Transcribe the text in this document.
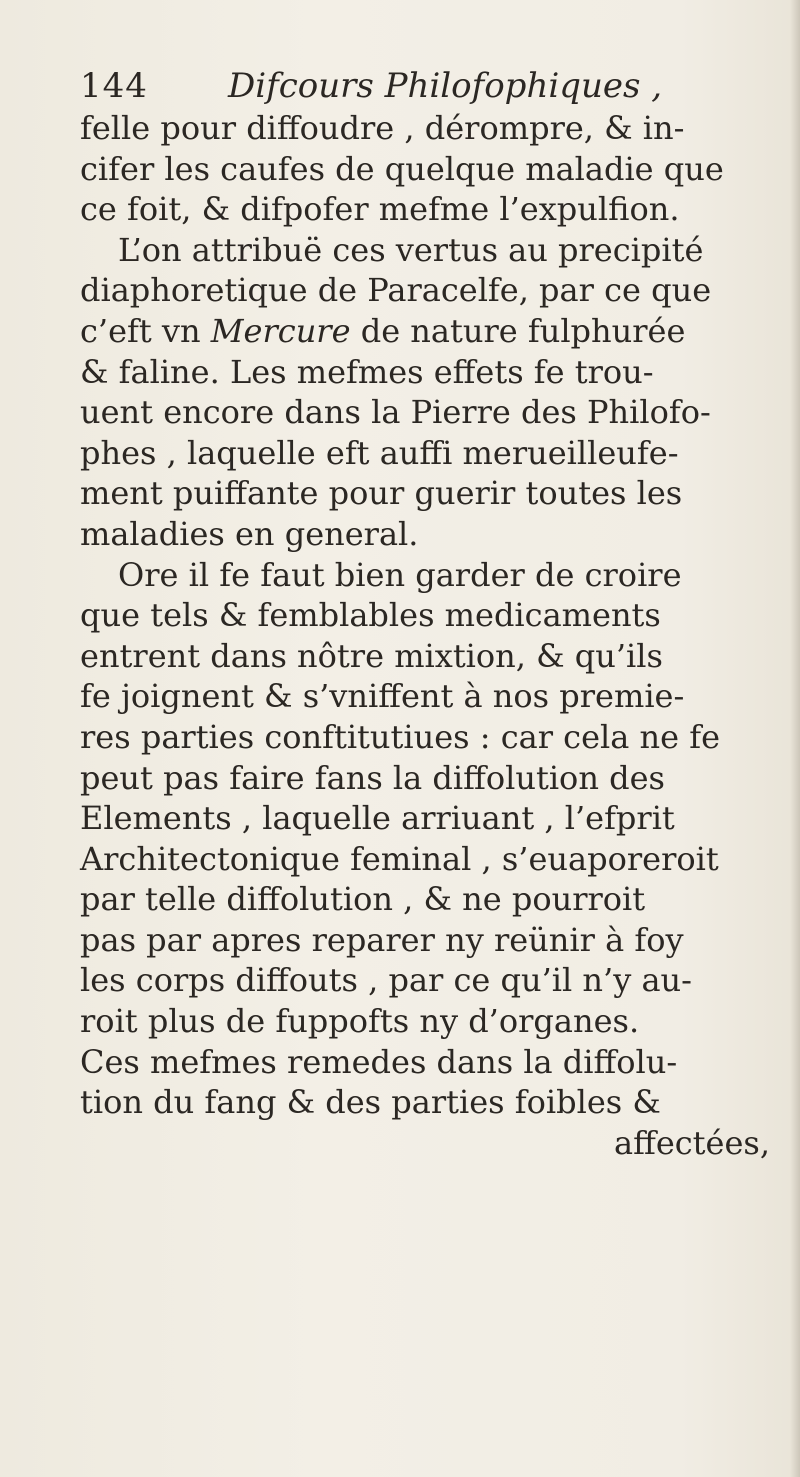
144 Difcours Philofophiques ,
felle pour diffoudre , dérompre, & in-
cifer les caufes de quelque maladie que
ce foit, & difpofer mefme l’expulfion.
L’on attribuë ces vertus au precipité
diaphoretique de Paracelfe, par ce que
c’eft vn Mercure de nature fulphurée
& faline. Les mefmes effets fe trou-
uent encore dans la Pierre des Philofo-
phes , laquelle eft auffi merueilleufe-
ment puiffante pour guerir toutes les
maladies en general.
Ore il fe faut bien garder de croire
que tels & femblables medicaments
entrent dans nôtre mixtion, & qu’ils
fe joignent & s’vniffent à nos premie-
res parties conftitutiues : car cela ne fe
peut pas faire fans la diffolution des
Elements , laquelle arriuant , l’efprit
Architectonique feminal , s’euaporeroit
par telle diffolution , & ne pourroit
pas par apres reparer ny reünir à foy
les corps diffouts , par ce qu’il n’y au-
roit plus de fuppofts ny d’organes.
Ces mefmes remedes dans la diffolu-
tion du fang & des parties foibles &
affectées,
